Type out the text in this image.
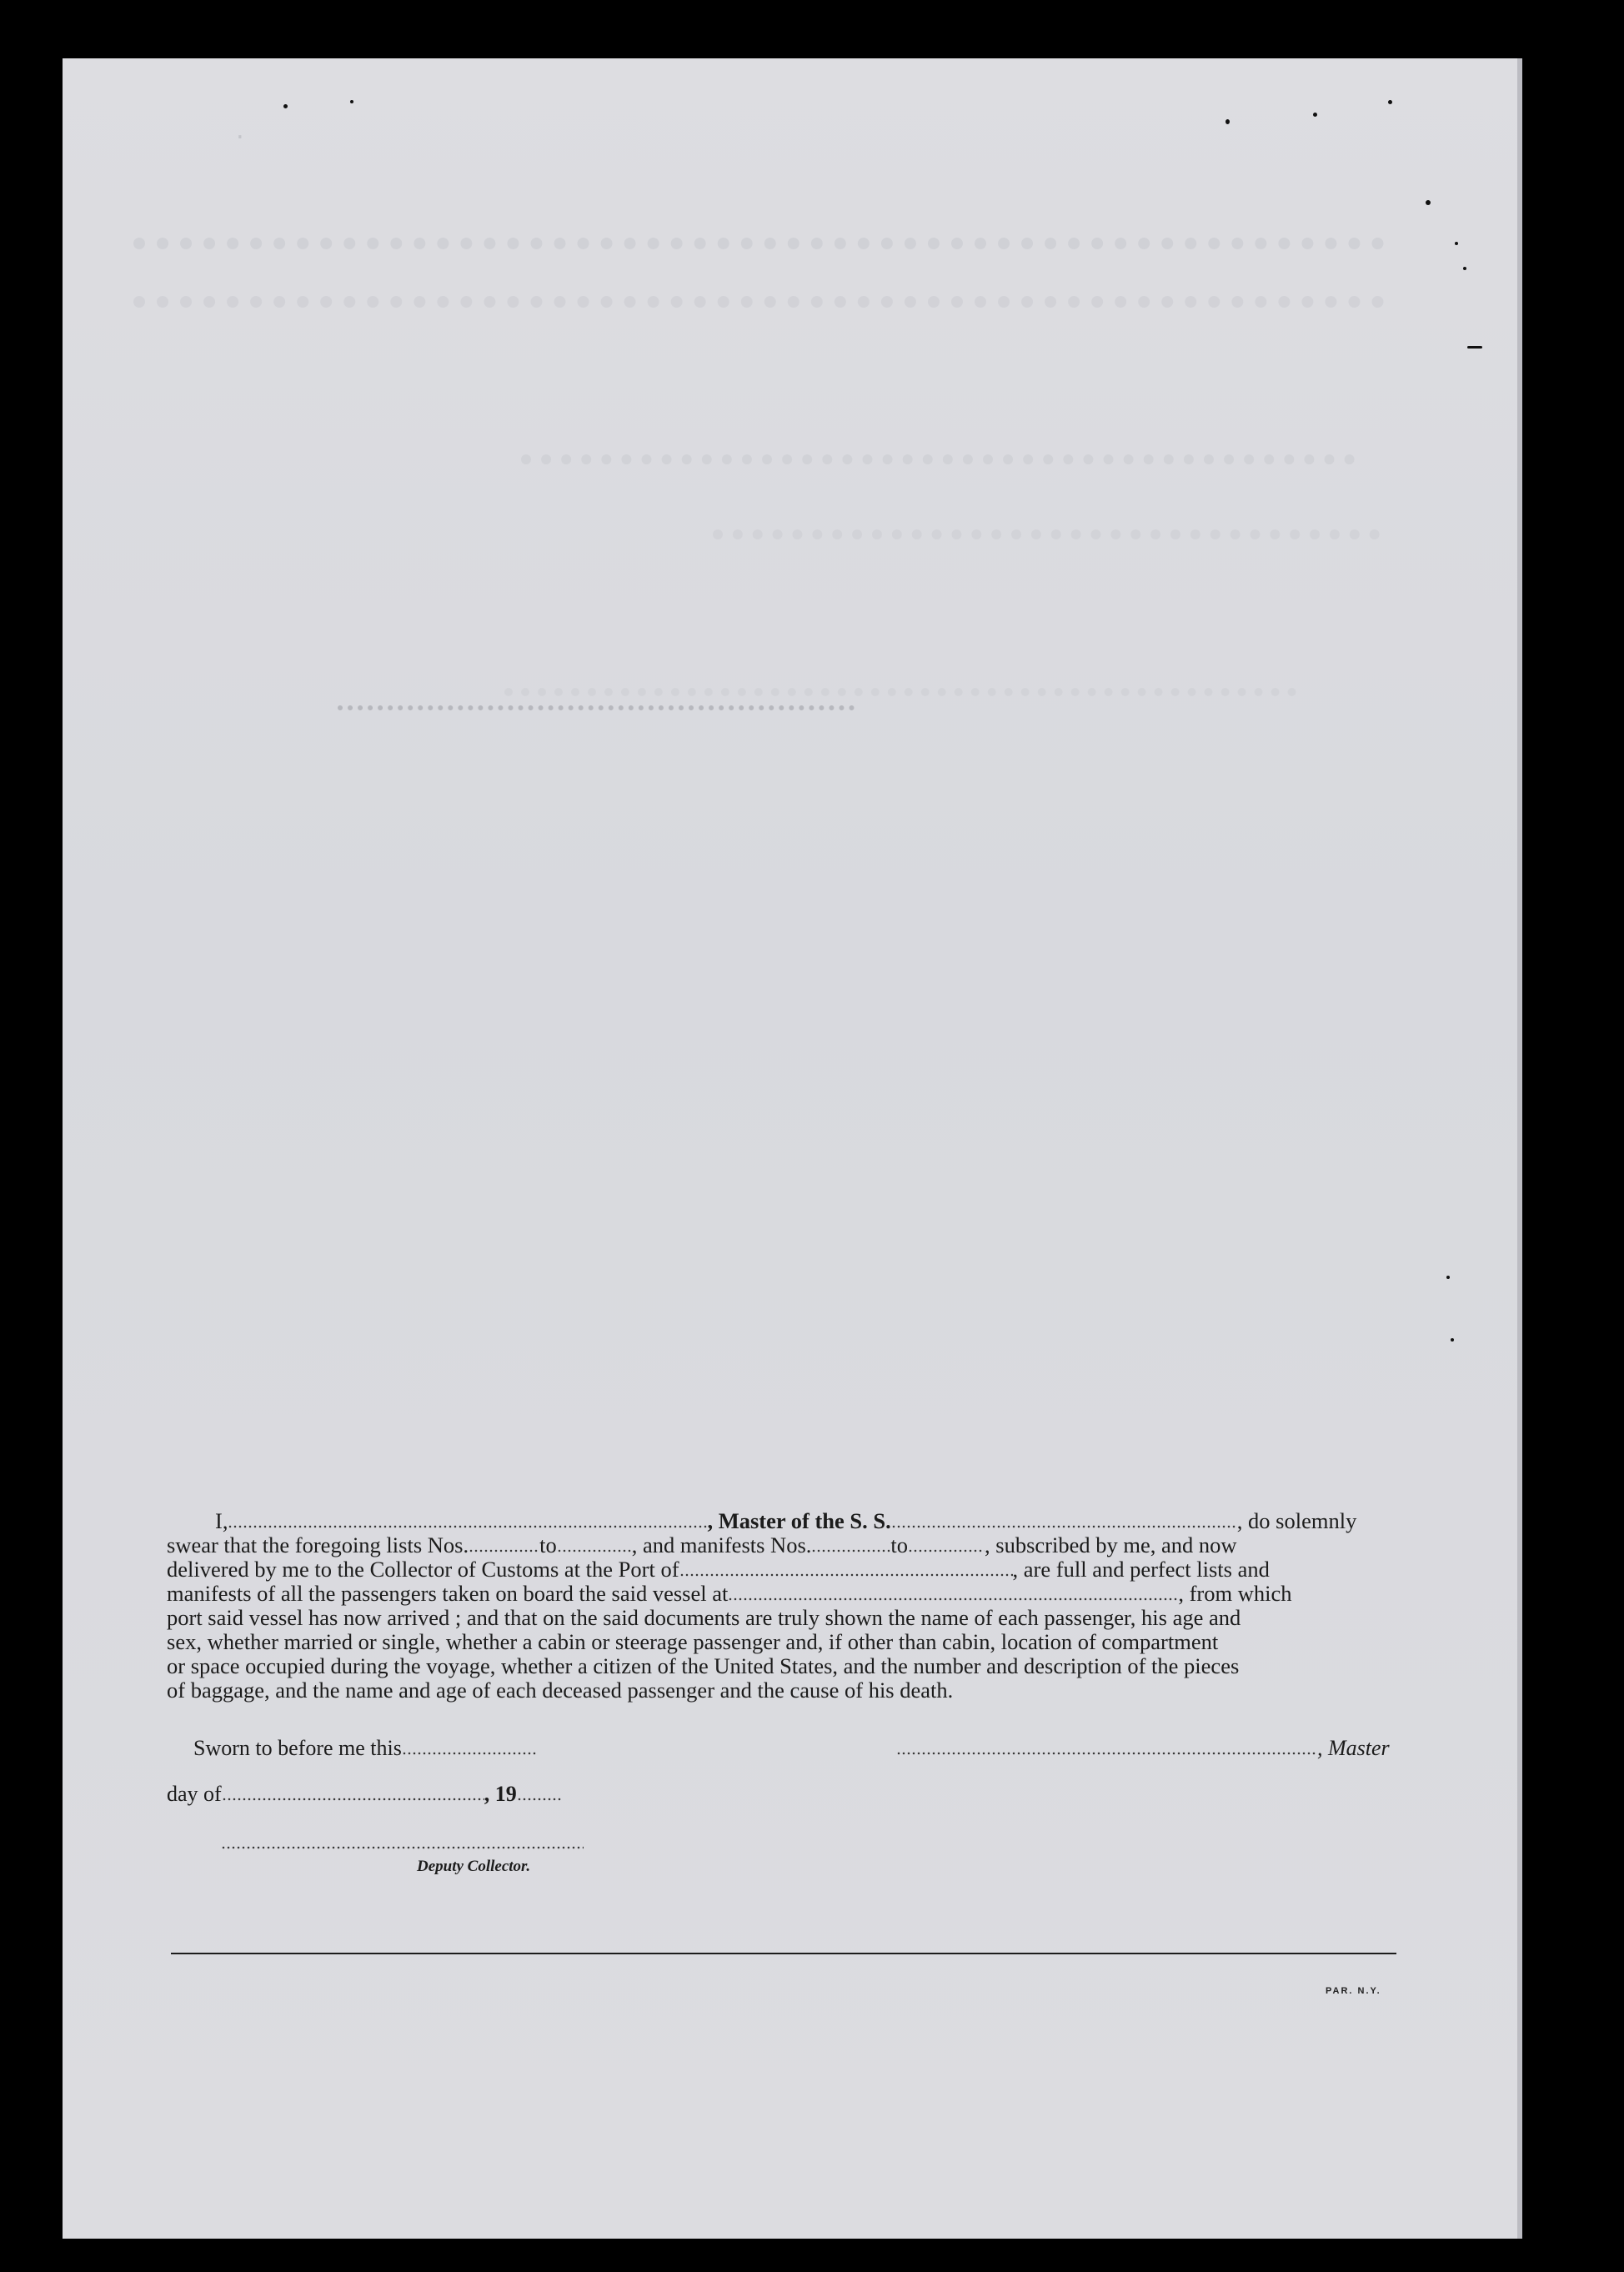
·
I,	, Master of the S. S.	, do solemnly
swear that the foregoing lists Nos.	to	, and manifests Nos.	to	, subscribed by me, and now
delivered by me to the Collector of Customs at the Port of	, are full and perfect lists and
manifests of all the passengers taken on board the said vessel at	, from which
port said vessel has now arrived ; and that on the said documents are truly shown the name of each passenger, his age and
sex, whether married or single, whether a cabin or steerage passenger and, if other than cabin, location of compartment
or space occupied during the voyage, whether a citizen of the United States, and the number and description of the pieces
of baggage, and the name and age of each deceased passenger and the cause of his death.
Sworn to before me this	, Master
day of	, 19
Deputy Collector.
PAR. N.Y.
